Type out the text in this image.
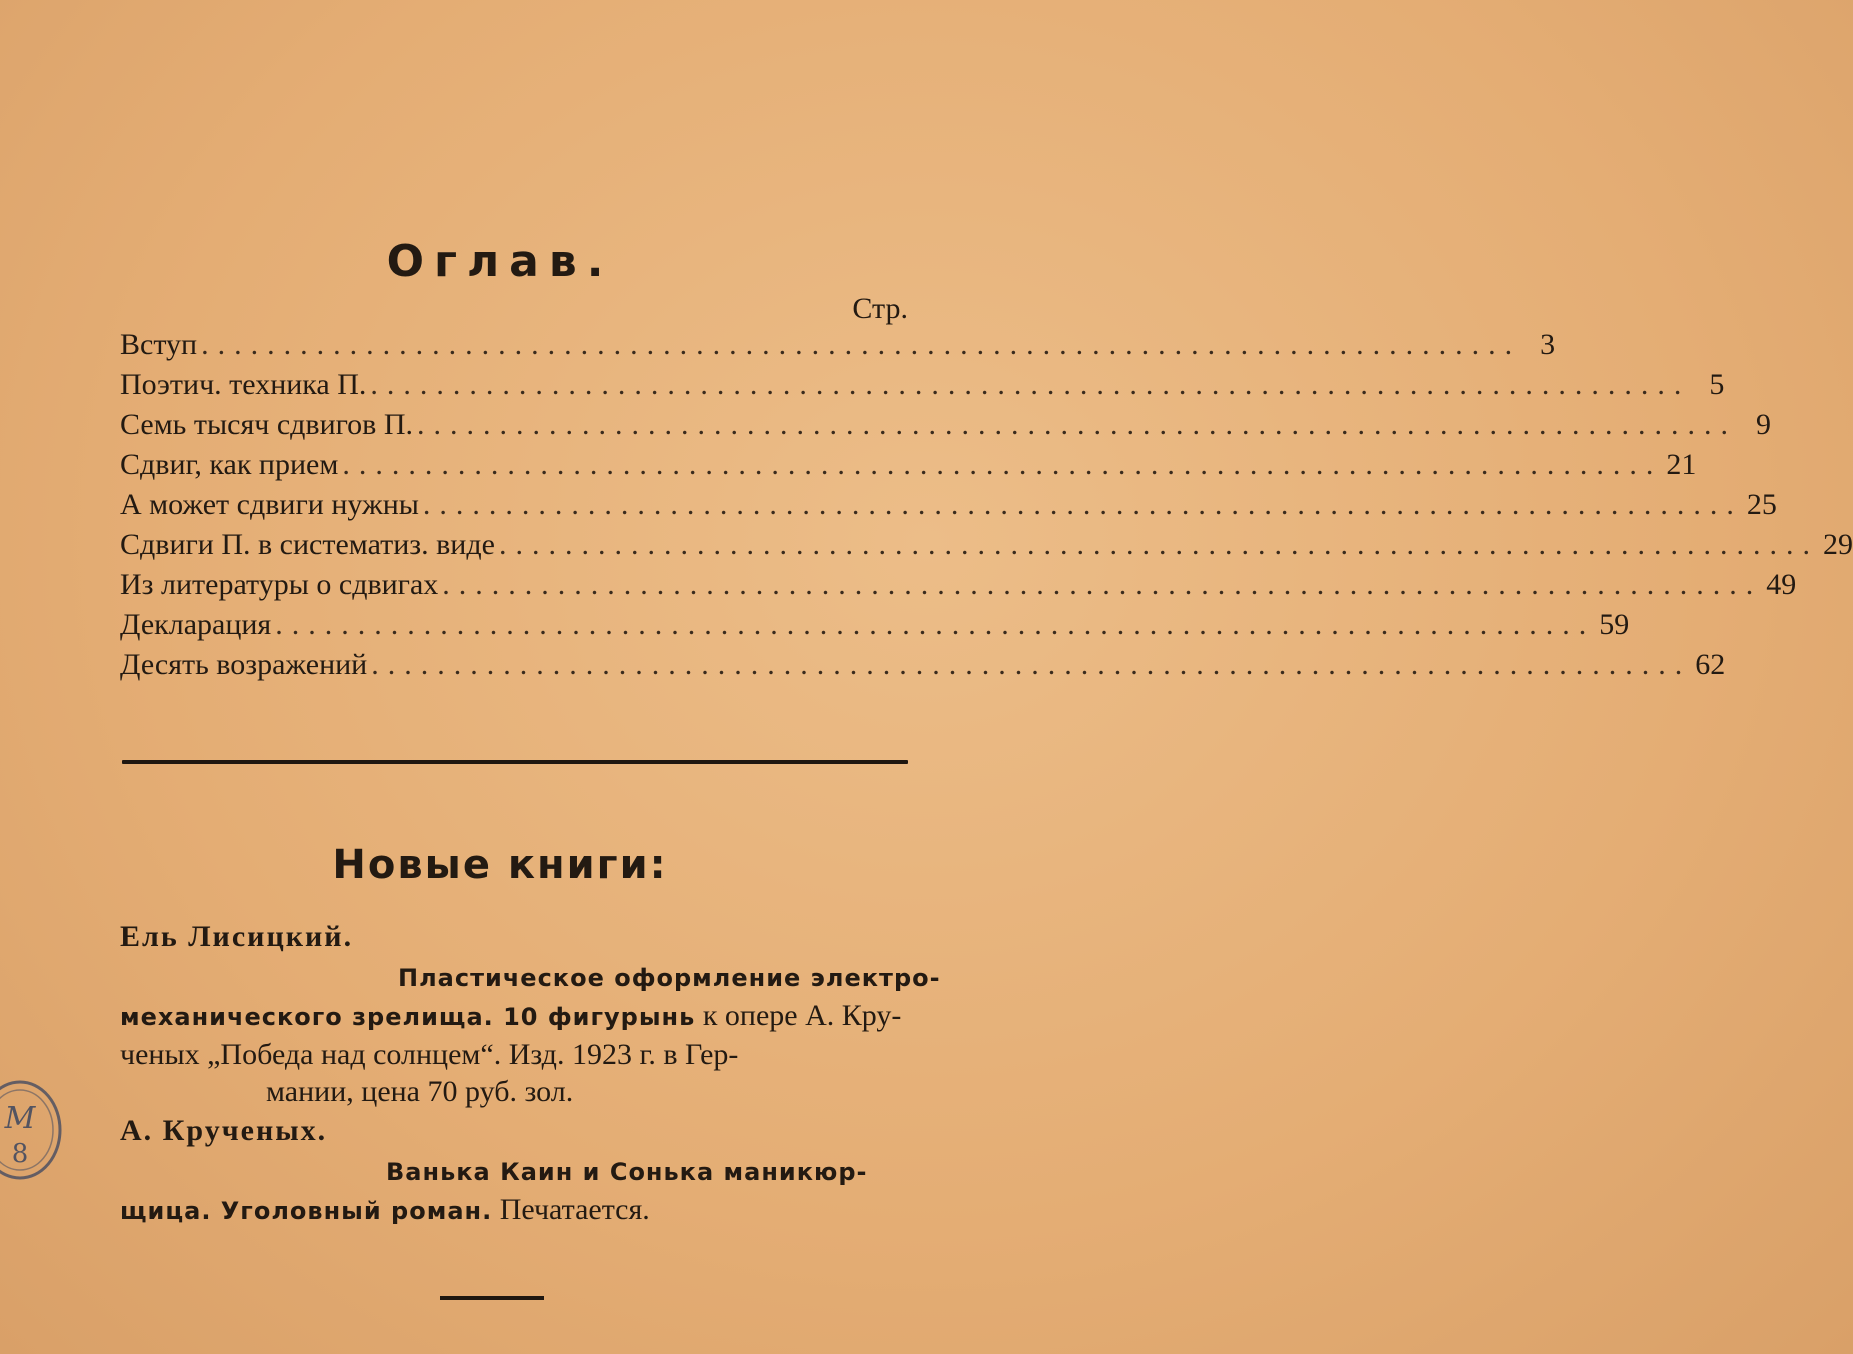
Оглав.
Стр.
Вступ ................................................................................ 3
Поэтич. техника П. ................................................................................ 5
Семь тысяч сдвигов П. ................................................................................ 9
Сдвиг, как прием ................................................................................ 21
А может сдвиги нужны ................................................................................ 25
Сдвиги П. в систематиз. виде ................................................................................ 29
Из литературы о сдвигах ................................................................................ 49
Декларация ................................................................................ 59
Десять возражений ................................................................................ 62
Новые книги:
Ель Лисицкий.
Пластическое оформление электро-
механического зрелища. 10 фигурынь к опере А. Кру-
ченых „Победа над солнцем“. Изд. 1923 г. в Гер-
мании, цена 70 руб. зол.
А. Крученых.
Ванька Каин и Сонька маникюр-
щица. Уголовный роман. Печатается.
М
8
